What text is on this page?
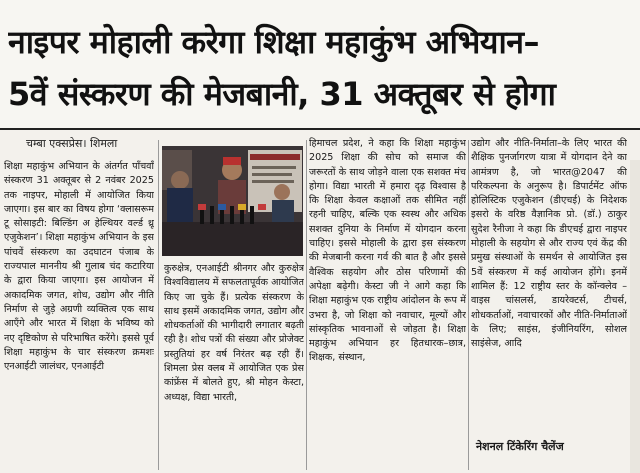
नाइपर मोहाली करेगा शिक्षा महाकुंभ अभियान–
5वें संस्करण की मेजबानी, 31 अक्तूबर से होगा
चम्बा एक्सप्रेस। शिमला

शिक्षा महाकुंभ अभियान के अंतर्गत पाँचवाँ संस्करण 31 अक्तूबर से 2 नवंबर 2025 तक नाइपर, मोहाली में आयोजित किया जाएगा। इस बार का विषय होगा ‘क्लासरूम टू सोसाइटी: बिल्डिंग अ हेल्थियर वर्ल्ड थ्रू एजुकेशन’। शिक्षा महाकुंभ अभियान के इस पांचवें संस्करण का उदघाटन पंजाब के राज्यपाल माननीय श्री गुलाब चंद कटारिया के द्वारा किया जाएगा। इस आयोजन में अकादमिक जगत, शोध, उद्योग और नीति निर्माण से जुड़े अग्रणी व्यक्तित्व एक साथ आएँगे और भारत में शिक्षा के भविष्य को नए दृष्टिकोण से परिभाषित करेंगे। इससे पूर्व शिक्षा महाकुंभ के चार संस्करण क्रमशः एनआईटी जालंधर, एनआईटी

कुरुक्षेत्र, एनआईटी श्रीनगर और कुरुक्षेत्र विश्वविद्यालय में सफलतापूर्वक आयोजित किए जा चुके हैं। प्रत्येक संस्करण के साथ इसमें अकादमिक जगत, उद्योग और शोधकर्ताओं की भागीदारी लगातार बढ़ती रही है। शोध पत्रों की संख्या और प्रोजेक्ट प्रस्तुतियां हर वर्ष निरंतर बढ़ रही हैं। शिमला प्रेस क्लब में आयोजित एक प्रेस कांफ्रेंस में बोलते हुए, श्री मोहन केस्टा, अध्यक्ष, विद्या भारती,

हिमाचल प्रदेश, ने कहा कि शिक्षा महाकुंभ 2025 शिक्षा की सोच को समाज की जरूरतों के साथ जोड़ने वाला एक सशक्त मंच होगा। विद्या भारती में हमारा दृढ़ विश्वास है कि शिक्षा केवल कक्षाओं तक सीमित नहीं रहनी चाहिए, बल्कि एक स्वस्थ और अधिक सशक्त दुनिया के निर्माण में योगदान करना चाहिए। इससे मोहाली के द्वारा इस संस्करण की मेजबानी करना गर्व की बात है और इससे वैश्विक सहयोग और ठोस परिणामों की अपेक्षा बढ़ेगी। केस्टा जी ने आगे कहा कि शिक्षा महाकुंभ एक राष्ट्रीय आंदोलन के रूप में उभरा है, जो शिक्षा को नवाचार, मूल्यों और सांस्कृतिक भावनाओं से जोड़ता है। शिक्षा महाकुंभ अभियान हर हितधारक–छात्र, शिक्षक, संस्थान,

उद्योग और नीति-निर्माता–के लिए भारत की शैक्षिक पुनर्जागरण यात्रा में योगदान देने का आमंत्रण है, जो भारत@2047 की परिकल्पना के अनुरूप है। डिपार्टमेंट ऑफ होलिस्टिक एजुकेशन (डीएचई) के निदेशक इसरो के वरिष्ठ वैज्ञानिक प्रो. (डॉ.) ठाकुर सुदेश रैनीजा ने कहा कि डीएचई द्वारा नाइपर मोहाली के सहयोग से और राज्य एवं केंद्र की प्रमुख संस्थाओं के समर्थन से आयोजित इस 5वें संस्करण में कई आयोजन होंगे। इनमें शामिल हैं: 12 राष्ट्रीय स्तर के कॉन्क्लेव – वाइस चांसलर्स, डायरेक्टर्स, टीचर्स, शोधकर्ताओं, नवाचारकों और नीति-निर्माताओं के लिए; साइंस, इंजीनियरिंग, सोशल साइंसेज, आदि

नेशनल टिंकेरिंग चैलेंज
